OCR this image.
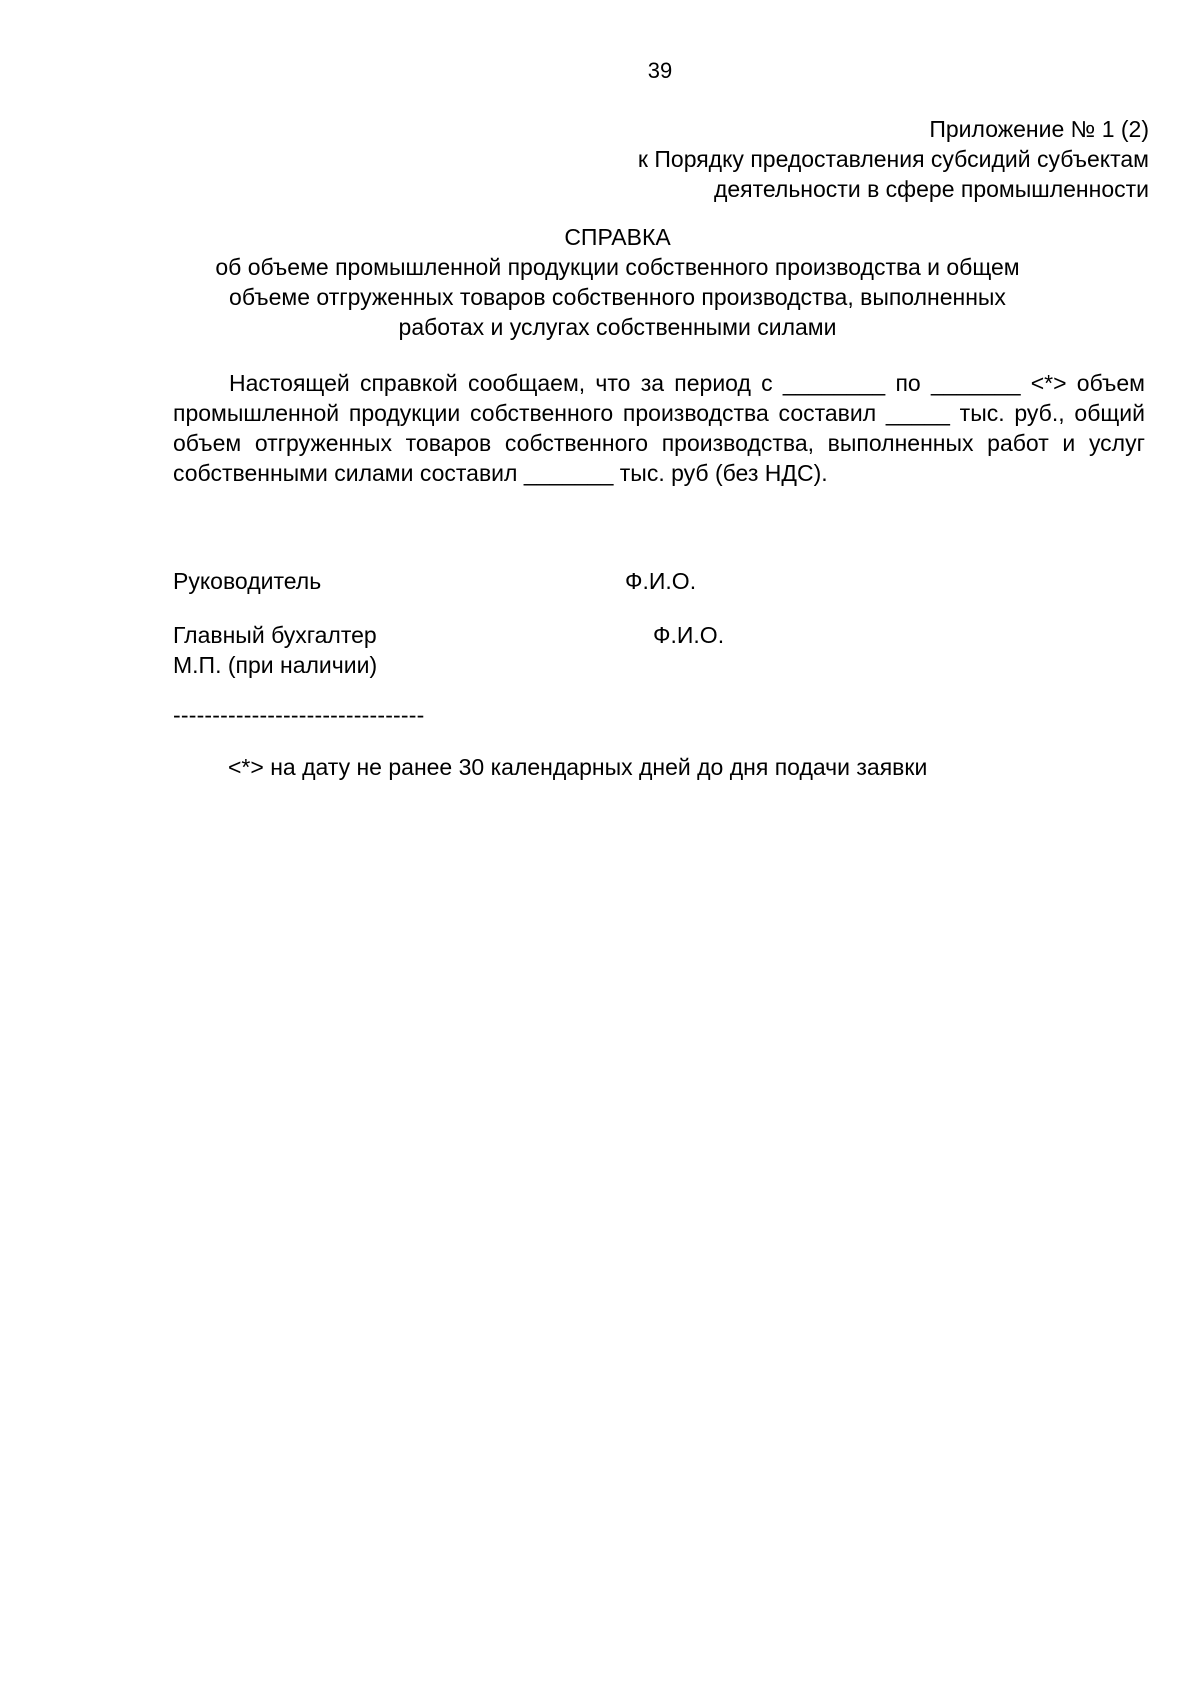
39
Приложение № 1 (2)
к Порядку предоставления субсидий субъектам
деятельности в сфере промышленности
СПРАВКА
об объеме промышленной продукции собственного производства и общем
объеме отгруженных товаров собственного производства, выполненных
работах и услугах собственными силами

Настоящей справкой сообщаем, что за период с ________ по _______ <*> объем промышленной продукции собственного производства составил _____ тыс. руб., общий объем отгруженных товаров собственного производства, выполненных работ и услуг собственными силами составил _______ тыс. руб (без НДС).

Руководитель	Ф.И.О.
Главный бухгалтер	Ф.И.О.
М.П. (при наличии)
--------------------------------
<*> на дату не ранее 30 календарных дней до дня подачи заявки
